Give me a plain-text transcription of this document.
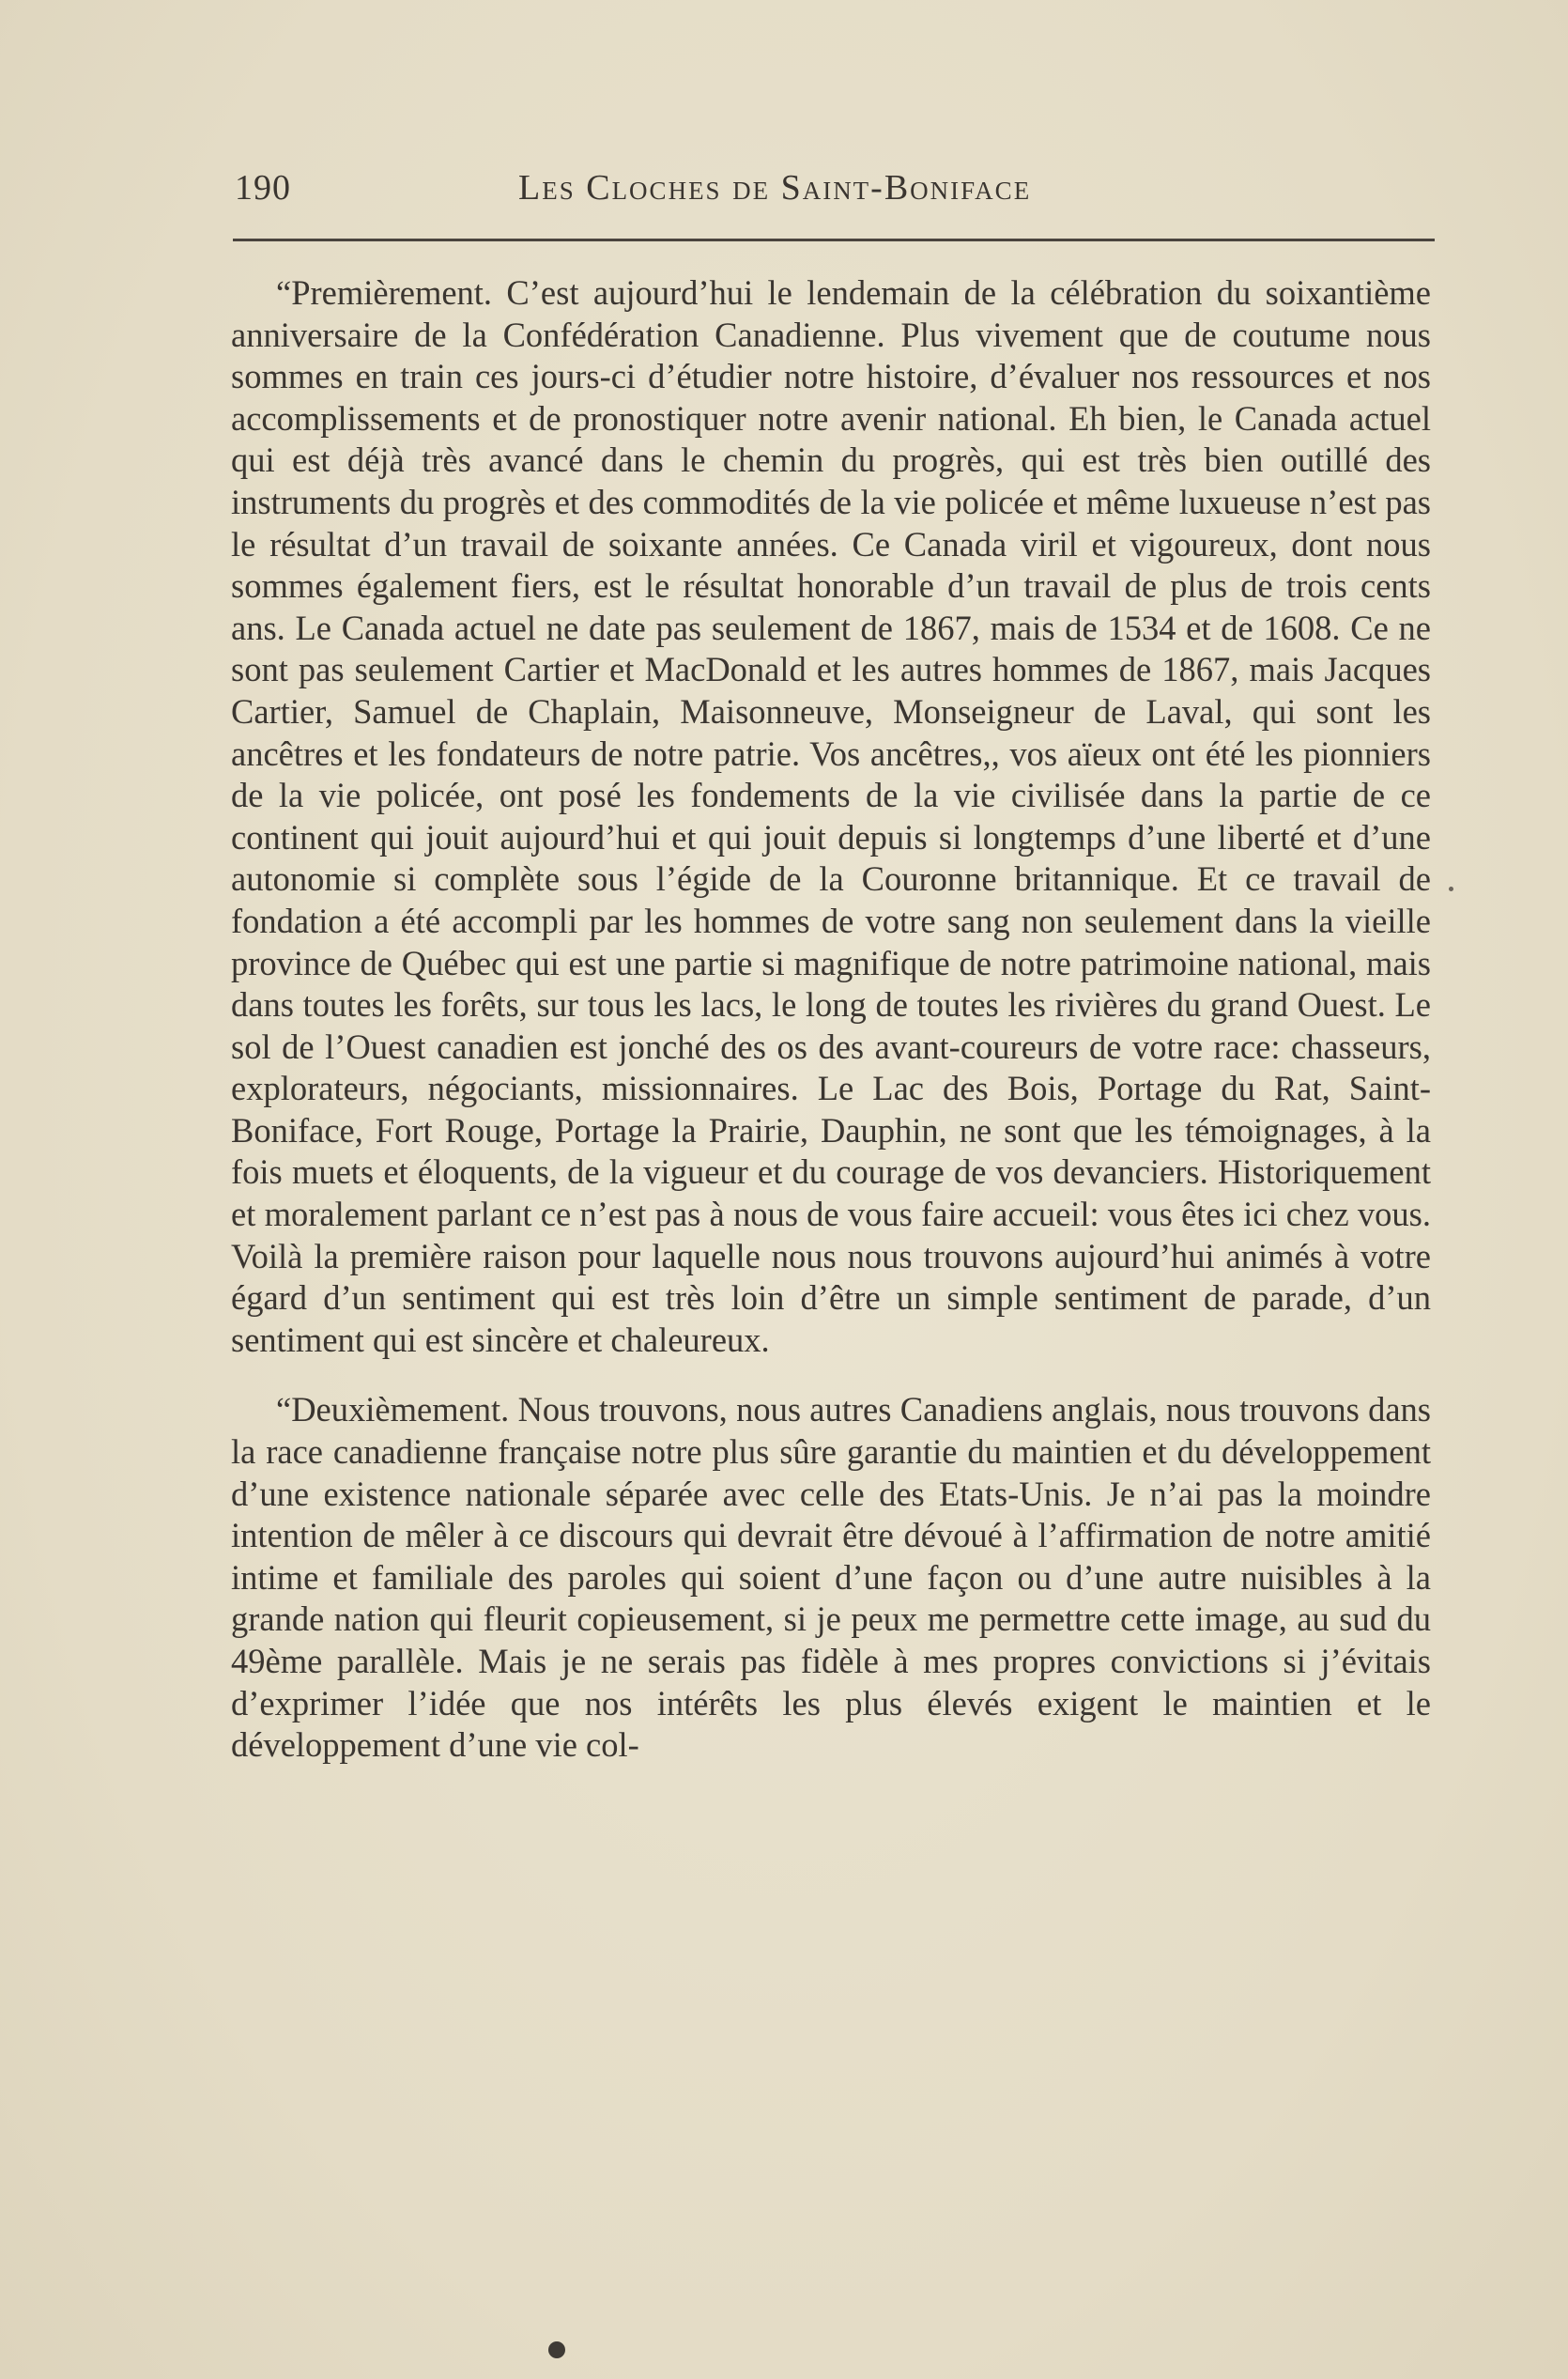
190	Les Cloches de Saint-Boniface

“Premièrement. C’est aujourd’hui le lendemain de la célébration du soixantième anniversaire de la Confédération Canadienne. Plus vivement que de coutume nous sommes en train ces jours-ci d’étudier notre histoire, d’évaluer nos ressources et nos accomplissements et de pronostiquer notre avenir national. Eh bien, le Canada actuel qui est déjà très avancé dans le chemin du progrès, qui est très bien outillé des instruments du progrès et des commodités de la vie policée et même luxueuse n’est pas le résultat d’un travail de soixante années. Ce Canada viril et vigoureux, dont nous sommes également fiers, est le résultat honorable d’un travail de plus de trois cents ans. Le Canada actuel ne date pas seulement de 1867, mais de 1534 et de 1608. Ce ne sont pas seulement Cartier et MacDonald et les autres hommes de 1867, mais Jacques Cartier, Samuel de Chaplain, Maisonneuve, Monseigneur de Laval, qui sont les ancêtres et les fondateurs de notre patrie. Vos ancêtres,, vos aïeux ont été les pionniers de la vie policée, ont posé les fondements de la vie civilisée dans la partie de ce continent qui jouit aujourd’hui et qui jouit depuis si longtemps d’une liberté et d’une autonomie si complète sous l’égide de la Couronne britannique. Et ce travail de fondation a été accompli par les hommes de votre sang non seulement dans la vieille province de Québec qui est une partie si magnifique de notre patrimoine national, mais dans toutes les forêts, sur tous les lacs, le long de toutes les rivières du grand Ouest. Le sol de l’Ouest canadien est jonché des os des avant-coureurs de votre race: chasseurs, explorateurs, négociants, missionnaires. Le Lac des Bois, Portage du Rat, Saint-Boniface, Fort Rouge, Portage la Prairie, Dauphin, ne sont que les témoignages, à la fois muets et éloquents, de la vigueur et du courage de vos devanciers. Historiquement et moralement parlant ce n’est pas à nous de vous faire accueil: vous êtes ici chez vous. Voilà la première raison pour laquelle nous nous trouvons aujourd’hui animés à votre égard d’un sentiment qui est très loin d’être un simple sentiment de parade, d’un sentiment qui est sincère et chaleureux.

“Deuxièmement. Nous trouvons, nous autres Canadiens anglais, nous trouvons dans la race canadienne française notre plus sûre garantie du maintien et du développement d’une existence nationale séparée avec celle des Etats-Unis. Je n’ai pas la moindre intention de mêler à ce discours qui devrait être dévoué à l’affirmation de notre amitié intime et familiale des paroles qui soient d’une façon ou d’une autre nuisibles à la grande nation qui fleurit copieusement, si je peux me permettre cette image, au sud du 49ème parallèle. Mais je ne serais pas fidèle à mes propres convictions si j’évitais d’exprimer l’idée que nos intérêts les plus élevés exigent le maintien et le développement d’une vie col-
